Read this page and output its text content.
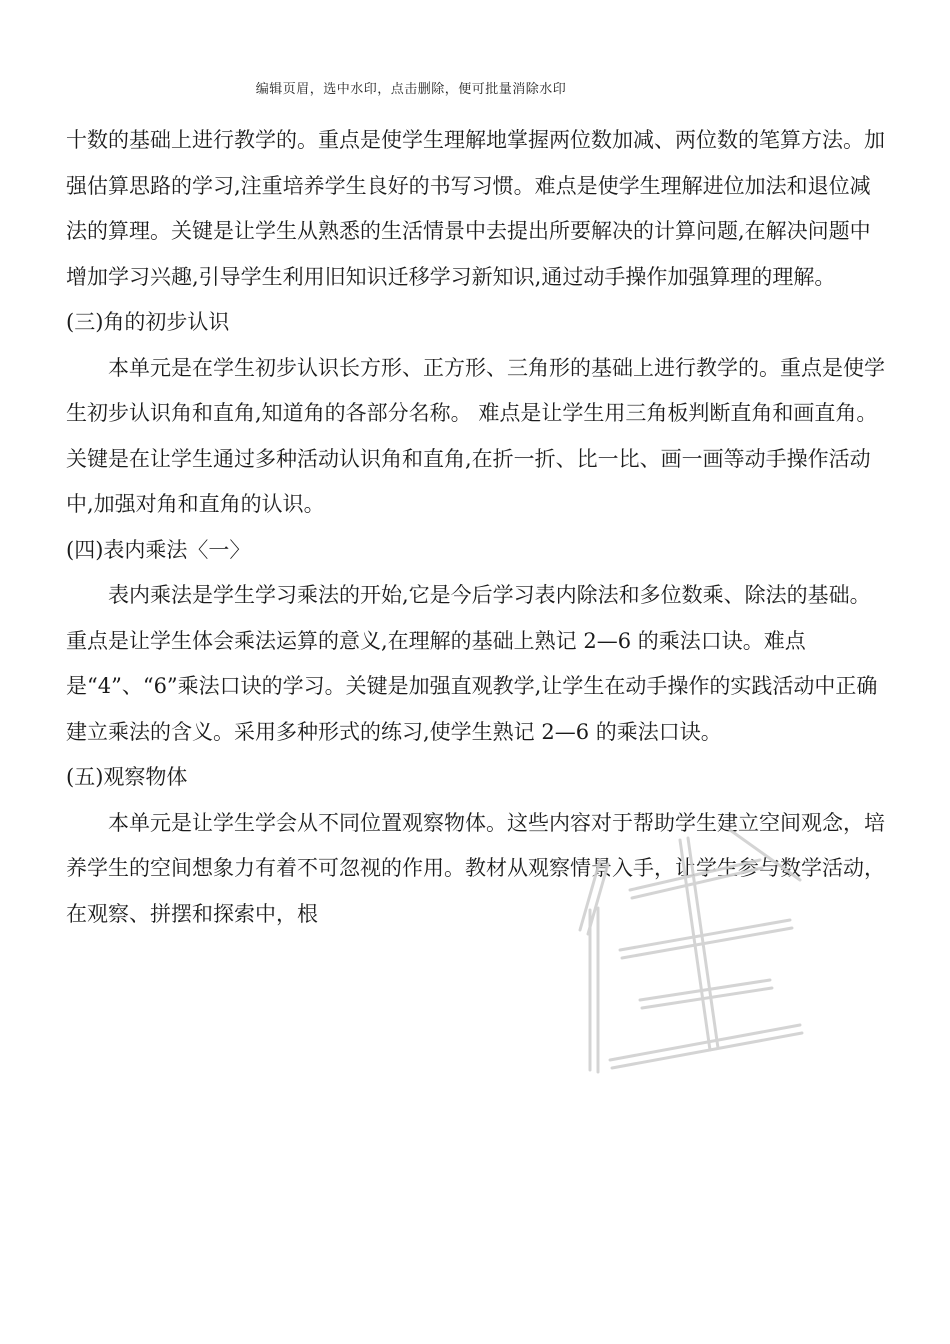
编辑页眉，选中水印，点击删除，便可批量消除水印

十数的基础上进行教学的。重点是使学生理解地掌握两位数加减、两位数的笔算方法。加强估算思路的学习,注重培养学生良好的书写习惯。难点是使学生理解进位加法和退位减法的算理。关键是让学生从熟悉的生活情景中去提出所要解决的计算问题,在解决问题中增加学习兴趣,引导学生利用旧知识迁移学习新知识,通过动手操作加强算理的理解。

(三)角的初步认识

本单元是在学生初步认识长方形、正方形、三角形的基础上进行教学的。重点是使学生初步认识角和直角,知道角的各部分名称。 难点是让学生用三角板判断直角和画直角。关键是在让学生通过多种活动认识角和直角,在折一折、比一比、画一画等动手操作活动中,加强对角和直角的认识。

(四)表内乘法〈一〉

表内乘法是学生学习乘法的开始,它是今后学习表内除法和多位数乘、除法的基础。重点是让学生体会乘法运算的意义,在理解的基础上熟记 2—6 的乘法口诀。难点是“4”、“6”乘法口诀的学习。关键是加强直观教学,让学生在动手操作的实践活动中正确建立乘法的含义。采用多种形式的练习,使学生熟记 2—6 的乘法口诀。

(五)观察物体

本单元是让学生学会从不同位置观察物体。这些内容对于帮助学生建立空间观念，培养学生的空间想象力有着不可忽视的作用。教材从观察情景入手，让学生参与数学活动，在观察、拼摆和探索中，根
